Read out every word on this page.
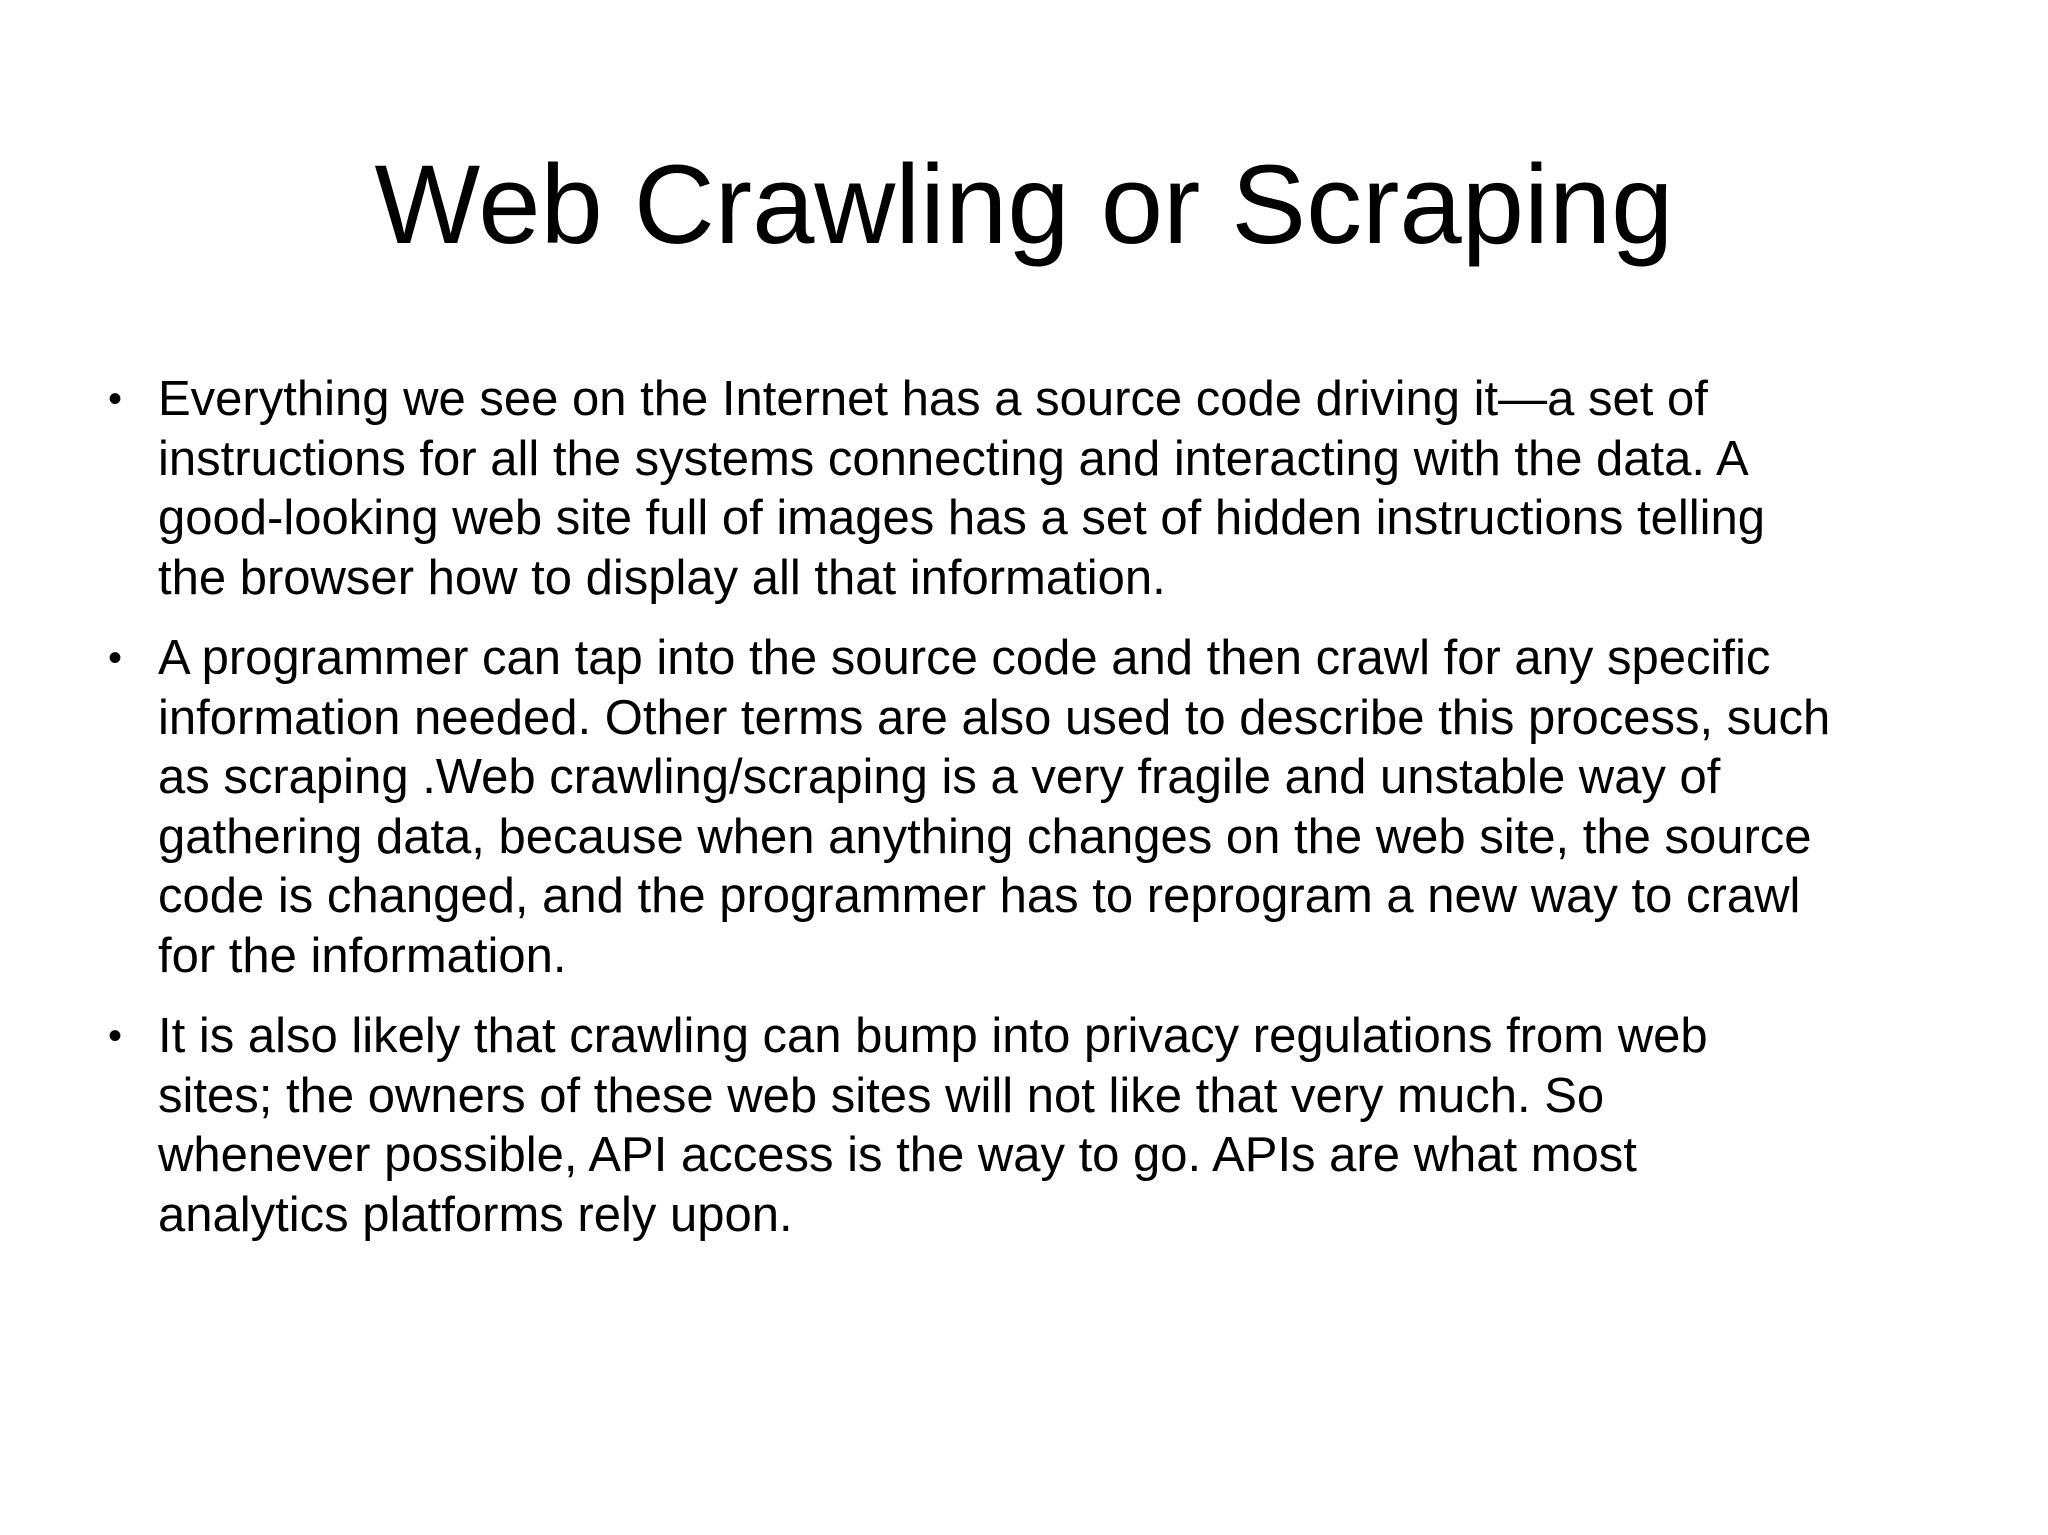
Web Crawling or Scraping
• Everything we see on the Internet has a source code driving it—a set of
instructions for all the systems connecting and interacting with the data. A
good-looking web site full of images has a set of hidden instructions telling
the browser how to display all that information.
• A programmer can tap into the source code and then crawl for any specific
information needed. Other terms are also used to describe this process, such
as scraping .Web crawling/scraping is a very fragile and unstable way of
gathering data, because when anything changes on the web site, the source
code is changed, and the programmer has to reprogram a new way to crawl
for the information.
• It is also likely that crawling can bump into privacy regulations from web
sites; the owners of these web sites will not like that very much. So
whenever possible, API access is the way to go. APIs are what most
analytics platforms rely upon.
